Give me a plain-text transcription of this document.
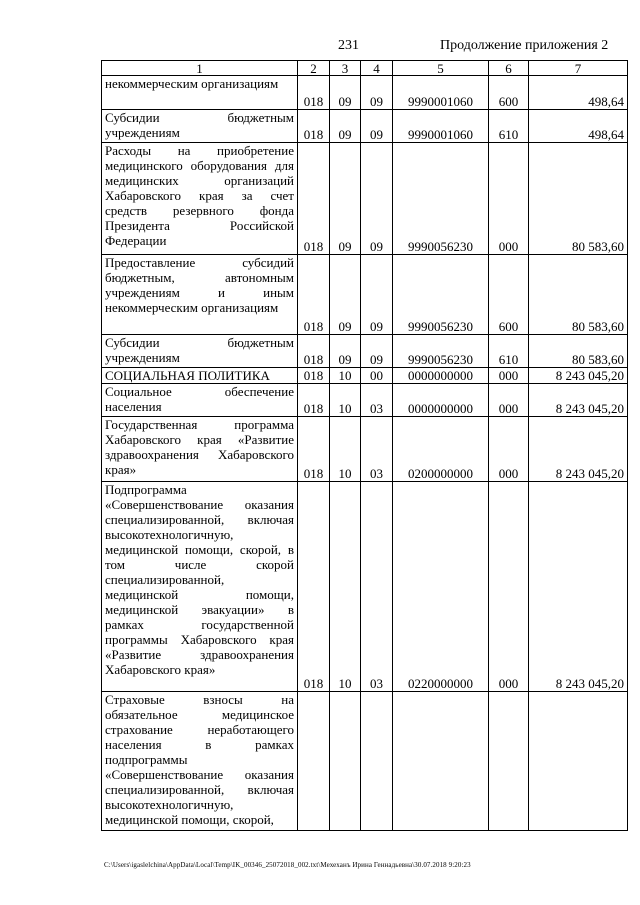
231	Продолжение приложения 2
1	2	3	4	5	6	7
некоммерческим организациям	018	09	09	9990001060	600	498,64
Субсидии бюджетным учреждениям	018	09	09	9990001060	610	498,64
Расходы на приобретение медицинского оборудования для медицинских организаций Хабаровского края за счет средств резервного фонда Президента Российской Федерации	018	09	09	9990056230	000	80 583,60
Предоставление субсидий бюджетным, автономным учреждениям и иным некоммерческим организациям	018	09	09	9990056230	600	80 583,60
Субсидии бюджетным учреждениям	018	09	09	9990056230	610	80 583,60
СОЦИАЛЬНАЯ ПОЛИТИКА	018	10	00	0000000000	000	8 243 045,20
Социальное обеспечение населения	018	10	03	0000000000	000	8 243 045,20
Государственная программа Хабаровского края «Развитие здравоохранения Хабаровского края»	018	10	03	0200000000	000	8 243 045,20
Подпрограмма «Совершенствование оказания специализированной, включая высокотехнологичную, медицинской помощи, скорой, в том числе скорой специализированной, медицинской помощи, медицинской эвакуации» в рамках государственной программы Хабаровского края «Развитие здравоохранения Хабаровского края»	018	10	03	0220000000	000	8 243 045,20
Страховые взносы на обязательное медицинское страхование неработающего населения в рамках подпрограммы «Совершенствование оказания специализированной, включая высокотехнологичную, медицинской помощи, скорой,						
C:\Users\igaslelchina\AppData\Local\Temp\IK_00346_25072018_002.txt\Мехеханъ Ирина Геннадьевна\30.07.2018 9:20:23
